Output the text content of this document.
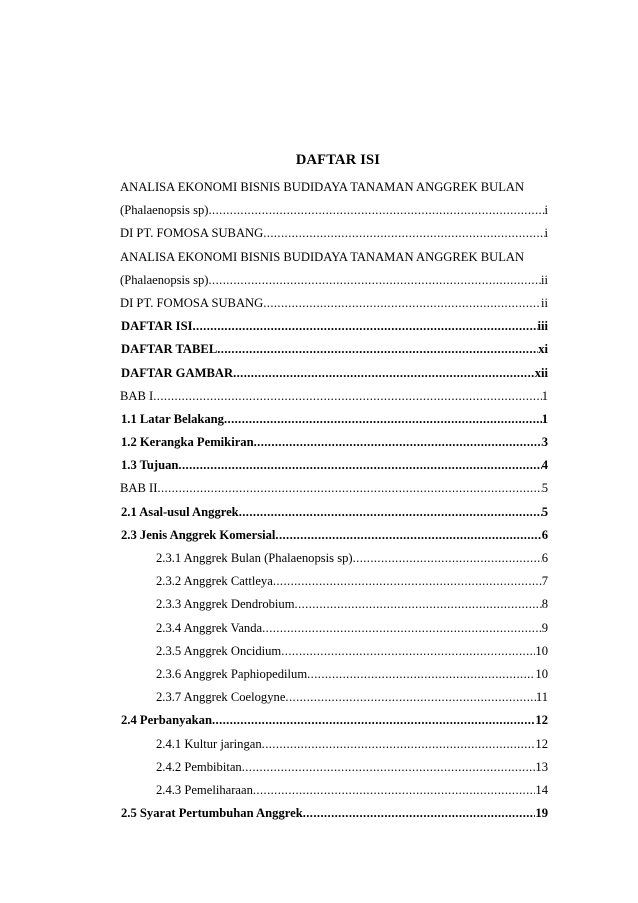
DAFTAR ISI
ANALISA EKONOMI BISNIS BUDIDAYA TANAMAN ANGGREK BULAN
(Phalaenopsis sp) .....	i
DI PT. FOMOSA SUBANG .....	i
ANALISA EKONOMI BISNIS BUDIDAYA TANAMAN ANGGREK BULAN
(Phalaenopsis sp) .....	ii
DI PT. FOMOSA SUBANG .....	ii
DAFTAR ISI .....	iii
DAFTAR TABEL .....	xi
DAFTAR GAMBAR .....	xii
BAB I .....	1
1.1 Latar Belakang .....	1
1.2 Kerangka Pemikiran .....	3
1.3 Tujuan .....	4
BAB II .....	5
2.1 Asal-usul Anggrek .....	5
2.3 Jenis Anggrek Komersial .....	6
2.3.1 Anggrek Bulan (Phalaenopsis sp) .....	6
2.3.2 Anggrek Cattleya .....	7
2.3.3 Anggrek Dendrobium .....	8
2.3.4 Anggrek Vanda .....	9
2.3.5 Anggrek Oncidium .....	10
2.3.6 Anggrek Paphiopedilum .....	10
2.3.7 Anggrek Coelogyne .....	11
2.4 Perbanyakan .....	12
2.4.1 Kultur jaringan .....	12
2.4.2 Pembibitan .....	13
2.4.3 Pemeliharaan .....	14
2.5 Syarat Pertumbuhan Anggrek .....	19
